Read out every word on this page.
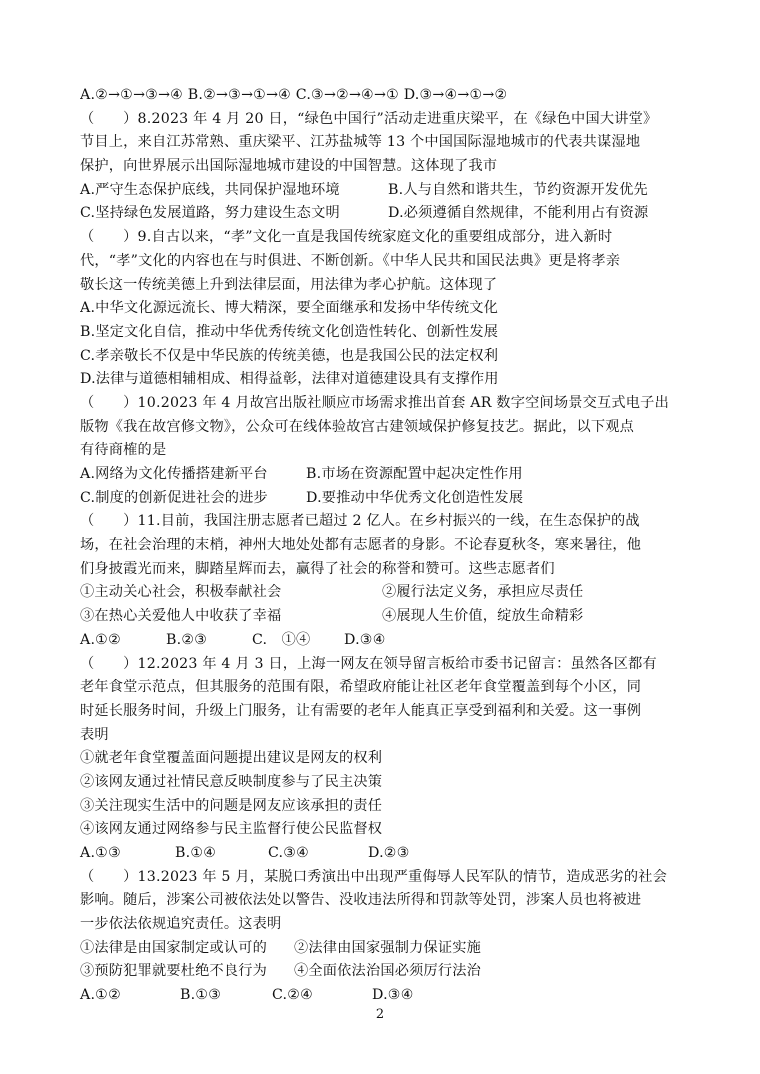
A.②→①→③→④ B.②→③→①→④ C.③→②→④→① D.③→④→①→②
（　　）8.2023 年 4 月 20 日，“绿色中国行”活动走进重庆梁平，在《绿色中国大讲堂》
节目上，来自江苏常熟、重庆梁平、江苏盐城等 13 个中国国际湿地城市的代表共谋湿地
保护，向世界展示出国际湿地城市建设的中国智慧。这体现了我市
A.严守生态保护底线，共同保护湿地环境	B.人与自然和谐共生，节约资源开发优先
C.坚持绿色发展道路，努力建设生态文明	D.必须遵循自然规律，不能利用占有资源
（　　）9.自古以来，“孝”文化一直是我国传统家庭文化的重要组成部分，进入新时
代，“孝”文化的内容也在与时俱进、不断创新。《中华人民共和国民法典》更是将孝亲
敬长这一传统美德上升到法律层面，用法律为孝心护航。这体现了
A.中华文化源远流长、博大精深，要全面继承和发扬中华传统文化
B.坚定文化自信，推动中华优秀传统文化创造性转化、创新性发展
C.孝亲敬长不仅是中华民族的传统美德，也是我国公民的法定权利
D.法律与道德相辅相成、相得益彰，法律对道德建设具有支撑作用
（　　）10.2023 年 4 月故宫出版社顺应市场需求推出首套 AR 数字空间场景交互式电子出
版物《我在故宫修文物》，公众可在线体验故宫古建领域保护修复技艺。据此，以下观点
有待商榷的是
A.网络为文化传播搭建新平台	B.市场在资源配置中起决定性作用
C.制度的创新促进社会的进步	D.要推动中华优秀文化创造性发展
（　　）11.目前，我国注册志愿者已超过 2 亿人。在乡村振兴的一线，在生态保护的战
场，在社会治理的末梢，神州大地处处都有志愿者的身影。不论春夏秋冬，寒来暑往，他
们身披霞光而来，脚踏星辉而去，赢得了社会的称誉和赞可。这些志愿者们
①主动关心社会，积极奉献社会	②履行法定义务，承担应尽责任
③在热心关爱他人中收获了幸福	④展现人生价值，绽放生命精彩
A.①②	B.②③	C.　①④	D.③④
（　　）12.2023 年 4 月 3 日，上海一网友在领导留言板给市委书记留言：虽然各区都有
老年食堂示范点，但其服务的范围有限，希望政府能让社区老年食堂覆盖到每个小区，同
时延长服务时间，升级上门服务，让有需要的老年人能真正享受到福利和关爱。这一事例
表明
①就老年食堂覆盖面问题提出建议是网友的权利
②该网友通过社情民意反映制度参与了民主决策
③关注现实生活中的问题是网友应该承担的责任
④该网友通过网络参与民主监督行使公民监督权
A.①③	B.①④	C.③④	D.②③
（　　）13.2023 年 5 月，某脱口秀演出中出现严重侮辱人民军队的情节，造成恶劣的社会
影响。随后，涉案公司被依法处以警告、没收违法所得和罚款等处罚，涉案人员也将被进
一步依法依规追究责任。这表明
①法律是由国家制定或认可的	②法律由国家强制力保证实施
③预防犯罪就要杜绝不良行为	④全面依法治国必须厉行法治
A.①②	B.①③	C.②④	D.③④
2
